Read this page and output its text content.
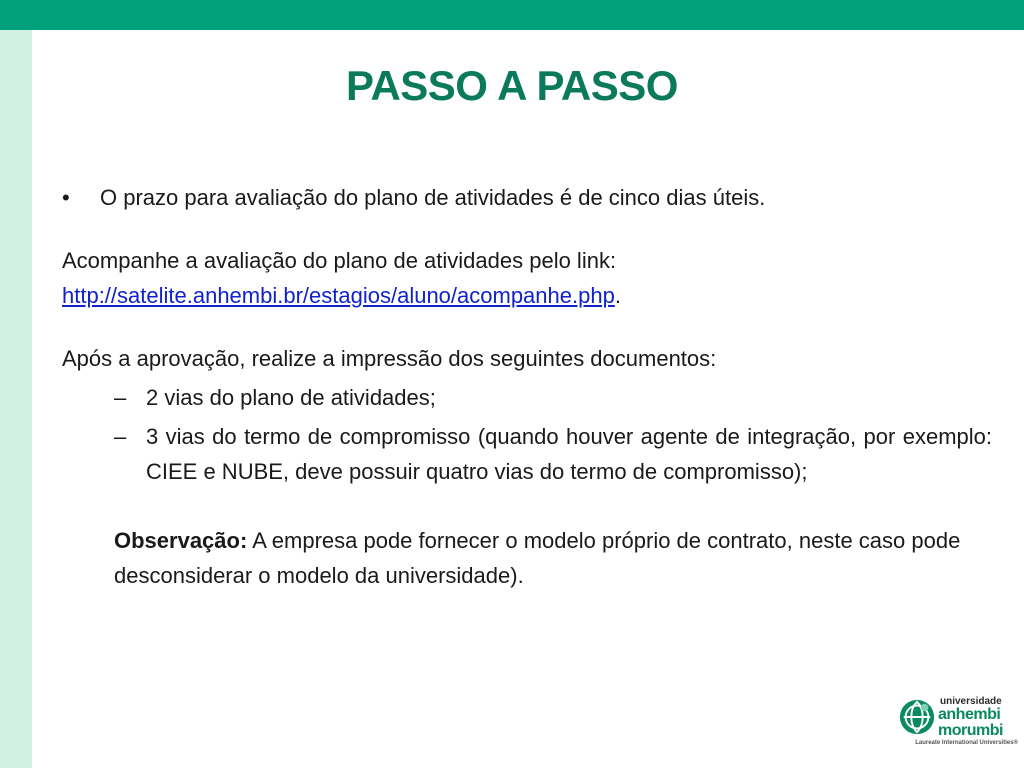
PASSO A PASSO
•	O prazo para avaliação do plano de atividades é de cinco dias úteis.
Acompanhe a avaliação do plano de atividades pelo link:
http://satelite.anhembi.br/estagios/aluno/acompanhe.php.
Após a aprovação, realize a impressão dos seguintes documentos:
– 2 vias do plano de atividades;
– 3 vias do termo de compromisso (quando houver agente de integração, por exemplo: CIEE e NUBE, deve possuir quatro vias do termo de compromisso);
Observação: A empresa pode fornecer o modelo próprio de contrato, neste caso pode desconsiderar o modelo da universidade).
universidade
anhembi
morumbi
Laureate International Universities®
